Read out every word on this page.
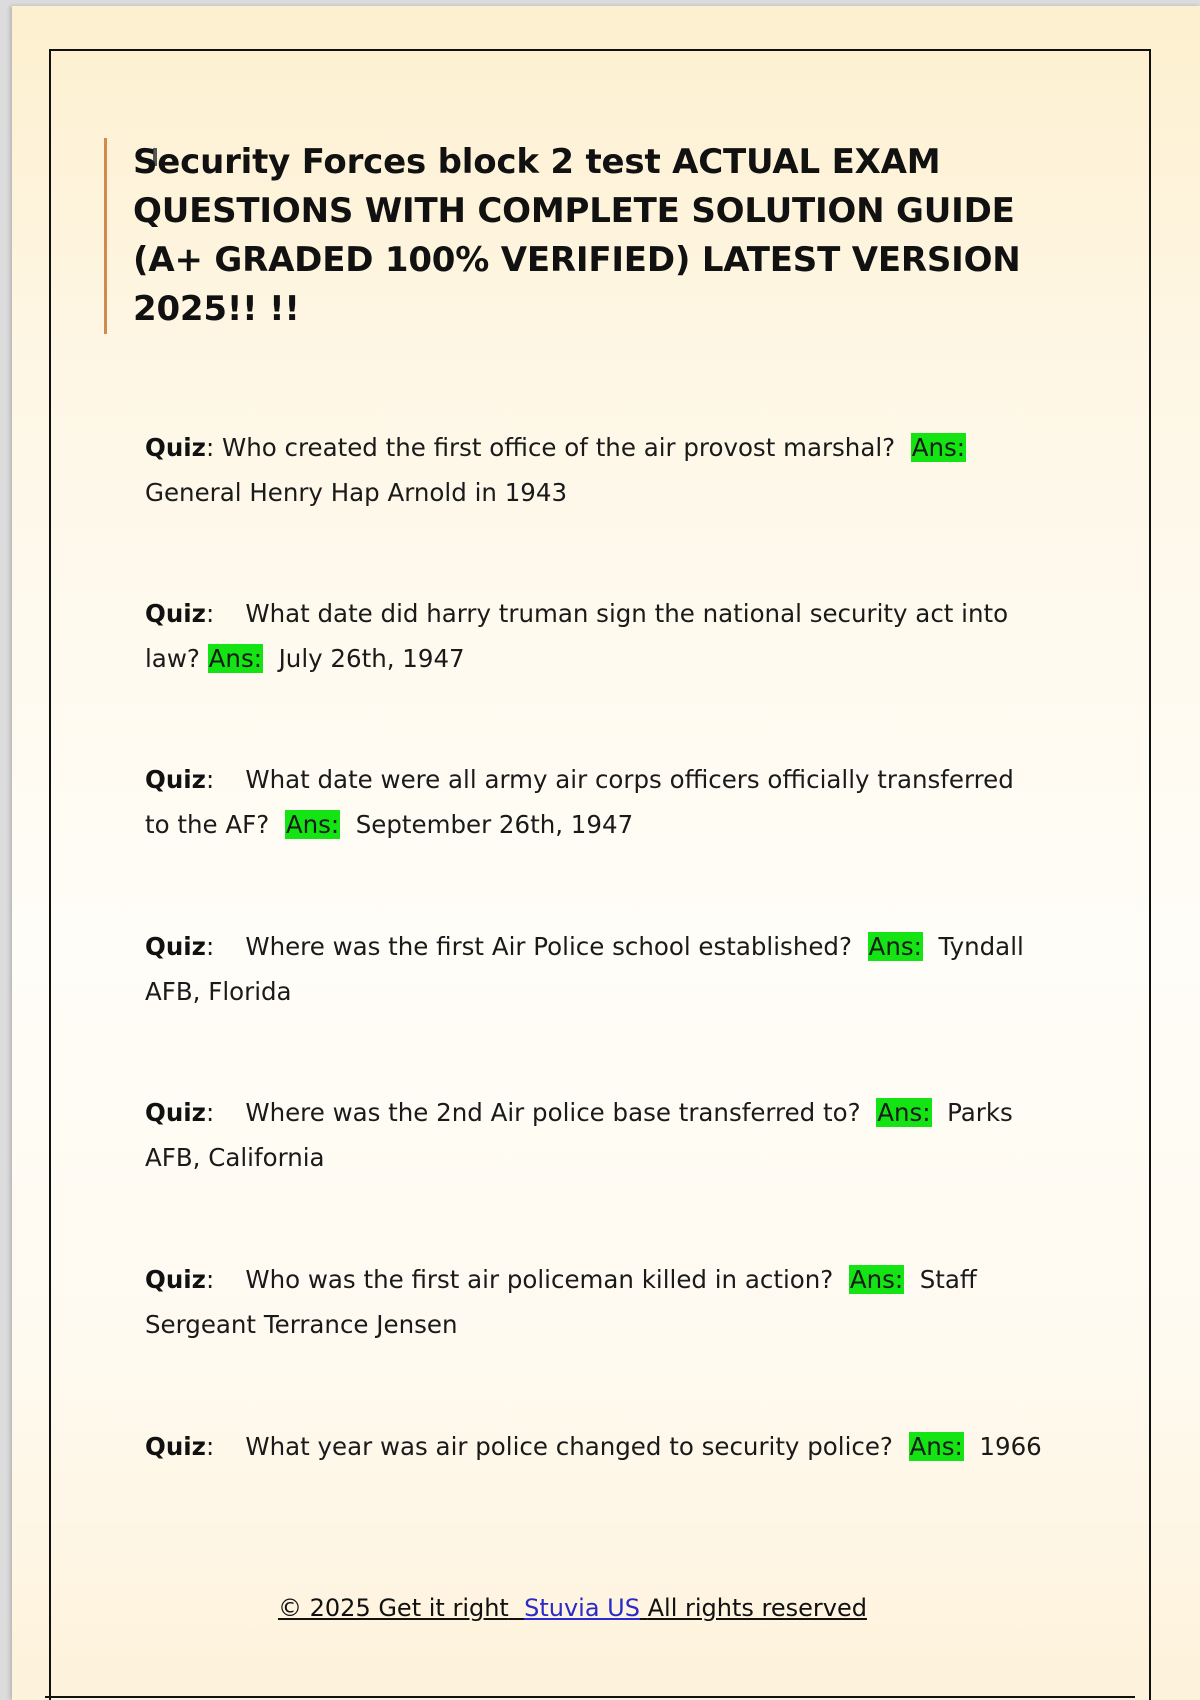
Security Forces block 2 test ACTUAL EXAM QUESTIONS WITH COMPLETE SOLUTION GUIDE (A+ GRADED 100% VERIFIED) LATEST VERSION 2025!! !!
Quiz: Who created the first office of the air provost marshal? Ans:  General Henry Hap Arnold in 1943
Quiz:    What date did harry truman sign the national security act into law? Ans: July 26th, 1947
Quiz:    What date were all army air corps officers officially transferred to the AF? Ans: September 26th, 1947
Quiz:    Where was the first Air Police school established? Ans: Tyndall AFB, Florida
Quiz:    Where was the 2nd Air police base transferred to? Ans: Parks AFB, California
Quiz:    Who was the first air policeman killed in action? Ans: Staff Sergeant Terrance Jensen
Quiz:    What year was air police changed to security police? Ans: 1966
© 2025 Get it right Stuvia US All rights reserved
